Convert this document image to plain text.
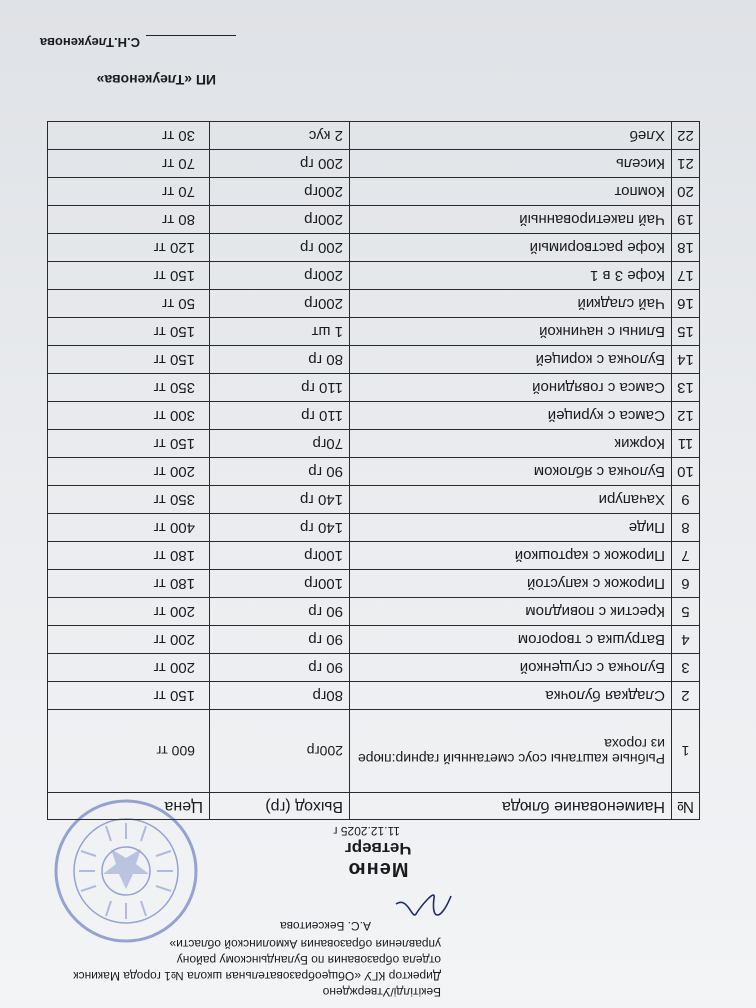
Бекітілді/Утверждено
Директор КГУ «Общеобразовательная школа №1 города Макинск
отдела образования по Буландынскому району
управления образования Акмолинской области»
А.С. Бексеитова
Меню
Четверг
11.12.2025 г
№	Наименование блюда	Выход (гр)	Цена
1	Рыбные каштаны соус сметанный гарнир:пюре из гороха	200гр	600 тг
2	Сладкая булочка	80гр	150 тг
3	Булочка с сгущенкой	90 гр	200 тг
4	Ватрушка с творогом	90 гр	200 тг
5	Крестик с повидлом	90 гр	200 тг
6	Пирожок с капустой	100гр	180 тг
7	Пирожок с картошкой	100гр	180 тг
8	Пиде	140 гр	400 тг
9	Хачапури	140 гр	350 тг
10	Булочка с яблоком	90 гр	200 тг
11	Коржик	70гр	150 тг
12	Самса с курицей	110 гр	300 тг
13	Самса с говядиной	110 гр	350 тг
14	Булочка с корицей	80 гр	150 тг
15	Блины с начинкой	1 шт	150 тг
16	Чай сладкий	200гр	50 тг
17	Кофе 3 в 1	200гр	150 тг
18	Кофе растворимый	200 гр	120 тг
19	Чай пакетированный	200гр	80 тг
20	Компот	200гр	70 тг
21	Кисель	200 гр	70 тг
22	Хлеб	2 кус	30 тг
ИП «Тлеукенова»
С.Н.Тлеукенова
